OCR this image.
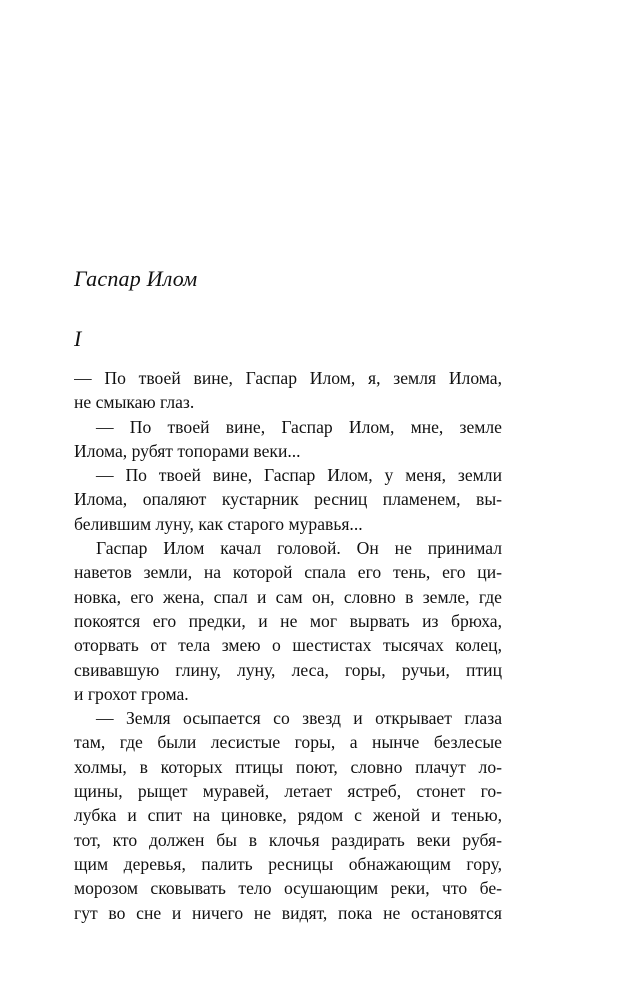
Гаспар Илом
I
— По твоей вине, Гаспар Илом, я, земля Илома,
не смыкаю глаз.
— По твоей вине, Гаспар Илом, мне, земле
Илома, рубят топорами веки...
— По твоей вине, Гаспар Илом, у меня, земли
Илома, опаляют кустарник ресниц пламенем, вы-
белившим луну, как старого муравья...
Гаспар Илом качал головой. Он не принимал
наветов земли, на которой спала его тень, его ци-
новка, его жена, спал и сам он, словно в земле, где
покоятся его предки, и не мог вырвать из брюха,
оторвать от тела змею о шестистах тысячах колец,
свивавшую глину, луну, леса, горы, ручьи, птиц
и грохот грома.
— Земля осыпается со звезд и открывает глаза
там, где были лесистые горы, а нынче безлесые
холмы, в которых птицы поют, словно плачут ло-
щины, рыщет муравей, летает ястреб, стонет го-
лубка и спит на циновке, рядом с женой и тенью,
тот, кто должен бы в клочья раздирать веки рубя-
щим деревья, палить ресницы обнажающим гору,
морозом сковывать тело осушающим реки, что бе-
гут во сне и ничего не видят, пока не остановятся
